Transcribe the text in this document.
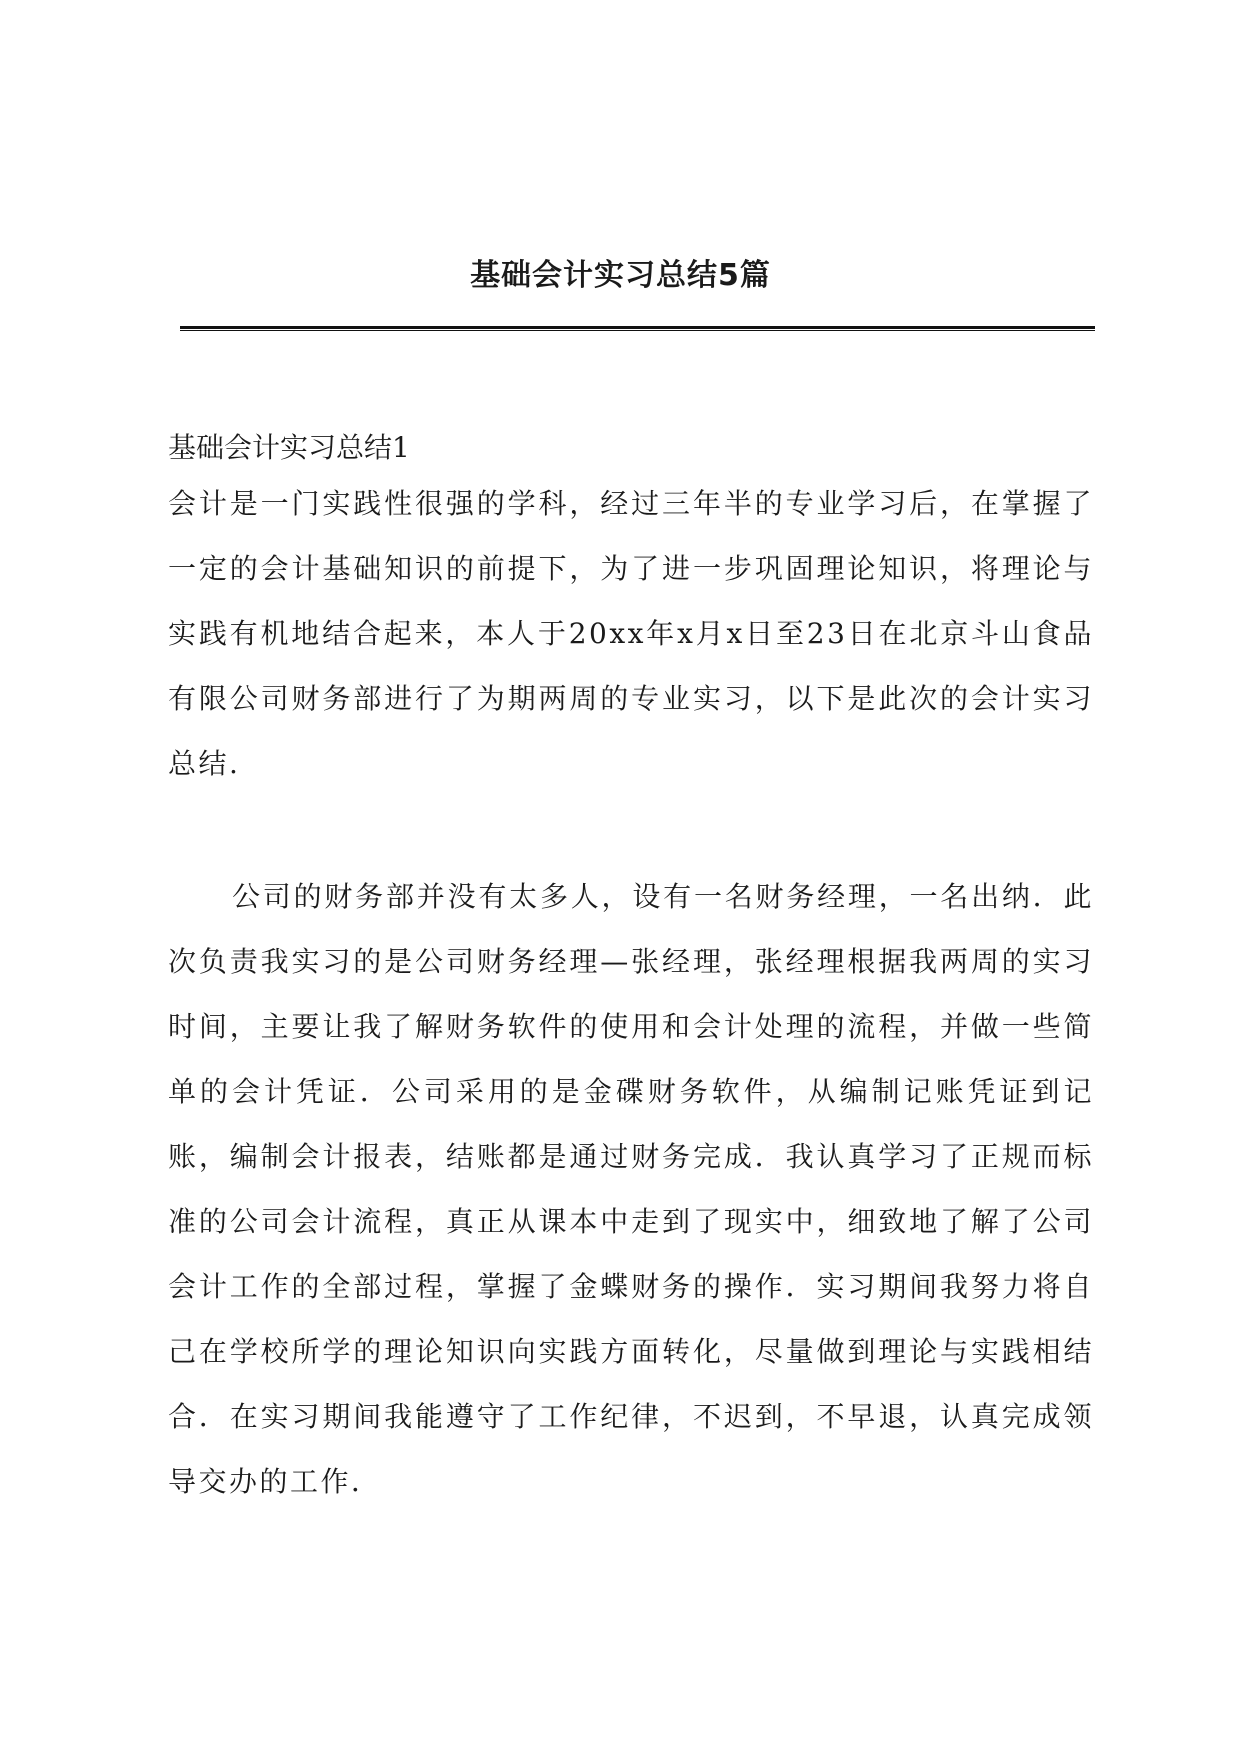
基础会计实习总结5篇

基础会计实习总结1

会计是一门实践性很强的学科，经过三年半的专业学习后，在掌握了一定的会计基础知识的前提下，为了进一步巩固理论知识，将理论与实践有机地结合起来，本人于20xx年x月x日至23日在北京斗山食品有限公司财务部进行了为期两周的专业实习，以下是此次的会计实习总结.

公司的财务部并没有太多人，设有一名财务经理，一名出纳．此次负责我实习的是公司财务经理—张经理，张经理根据我两周的实习时间，主要让我了解财务软件的使用和会计处理的流程，并做一些简单的会计凭证．公司采用的是金碟财务软件，从编制记账凭证到记账，编制会计报表，结账都是通过财务完成．我认真学习了正规而标准的公司会计流程，真正从课本中走到了现实中，细致地了解了公司会计工作的全部过程，掌握了金蝶财务的操作．实习期间我努力将自己在学校所学的理论知识向实践方面转化，尽量做到理论与实践相结合．在实习期间我能遵守了工作纪律，不迟到，不早退，认真完成领导交办的工作．
